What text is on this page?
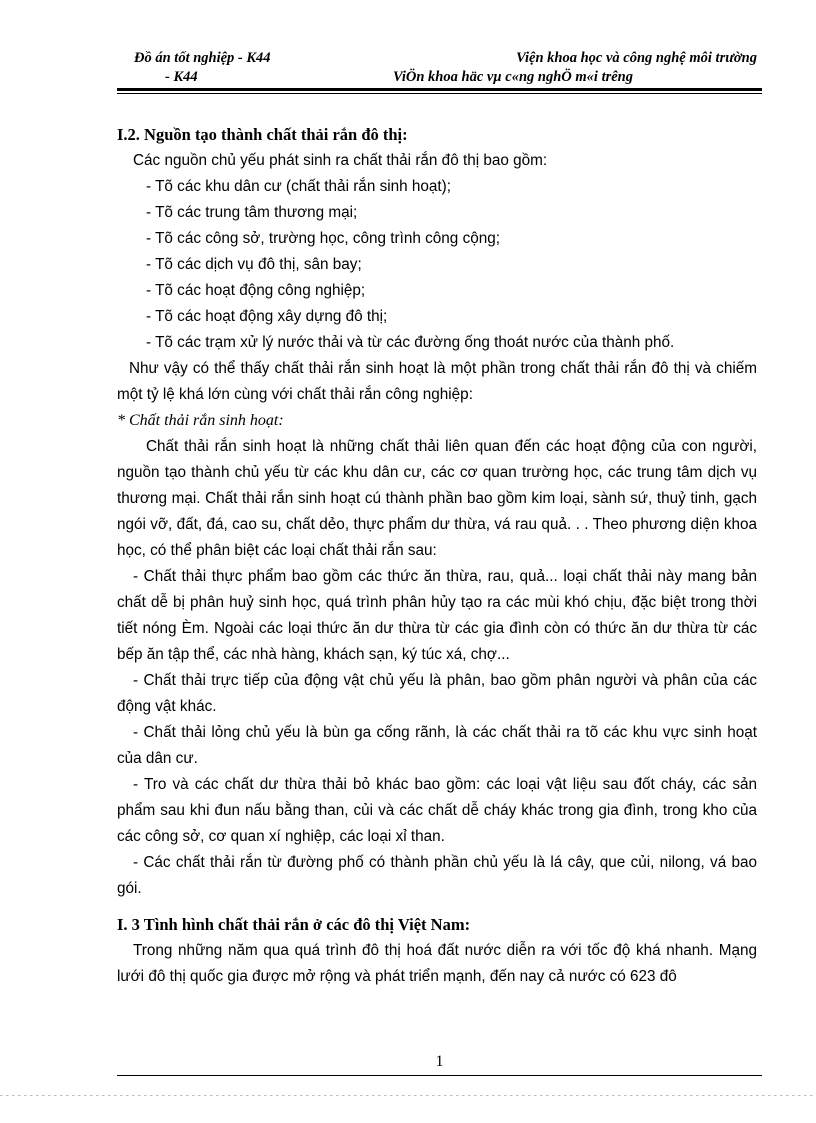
Đồ án tốt nghiệp - K44	Viện khoa học và công nghệ môi trường
- K44	ViÖn khoa häc vµ c«ng nghÖ m«i trêng

I.2. Nguồn tạo thành chất thải rắn đô thị:

Các nguồn chủ yếu phát sinh ra chất thải rắn đô thị bao gồm:

- Tõ các khu dân cư (chất thải rắn sinh hoạt);

- Tõ các trung tâm thương mại;

- Tõ các công sở, trường học, công trình công cộng;

- Tõ các dịch vụ đô thị, sân bay;

- Tõ các hoạt động công nghiệp;

- Tõ các hoạt động xây dựng đô thị;

- Tõ các trạm xử lý nước thải và từ các đường ống thoát nước của thành phố.

Như vậy có thể thấy chất thải rắn sinh hoạt là một phần trong chất thải rắn đô thị và chiếm một tỷ lệ khá lớn cùng với chất thải rắn công nghiệp:

* Chất thải rắn sinh hoạt:

Chất thải rắn sinh hoạt là những chất thải liên quan đến các hoạt động của con người, nguồn tạo thành chủ yếu từ các khu dân cư, các cơ quan trường học, các trung tâm dịch vụ thương mại. Chất thải rắn sinh hoạt cú thành phần bao gồm kim loại, sành sứ, thuỷ tinh, gạch ngói vỡ, đất, đá, cao su, chất dẻo, thực phẩm dư thừa, vá rau quả. . . Theo phương diện khoa học, có thể phân biệt các loại chất thải rắn sau:

- Chất thải thực phẩm bao gồm các thức ăn thừa, rau, quả... loại chất thải này mang bản chất dễ bị phân huỷ sinh học, quá trình phân hủy tạo ra các mùi khó chịu, đặc biệt trong thời tiết nóng Èm. Ngoài các loại thức ăn dư thừa từ các gia đình còn có thức ăn dư thừa từ các bếp ăn tập thể, các nhà hàng, khách sạn, ký túc xá, chợ...

- Chất thải trực tiếp của động vật chủ yếu là phân, bao gồm phân người và phân của các động vật khác.

- Chất thải lỏng chủ yếu là bùn ga cống rãnh, là các chất thải ra tõ các khu vực sinh hoạt của dân cư.

- Tro và các chất dư thừa thải bỏ khác bao gồm: các loại vật liệu sau đốt cháy, các sản phẩm sau khi đun nấu bằng than, củi và các chất dễ cháy khác trong gia đình, trong kho của các công sở, cơ quan xí nghiệp, các loại xỉ than.

- Các chất thải rắn từ đường phố có thành phần chủ yếu là lá cây, que củi, nilong, vá bao gói.

I. 3 Tình hình chất thải rắn ở các đô thị Việt Nam:

Trong những năm qua quá trình đô thị hoá đất nước diễn ra với tốc độ khá nhanh. Mạng lưới đô thị quốc gia được mở rộng và phát triển mạnh, đến nay cả nước có 623 đô

1
